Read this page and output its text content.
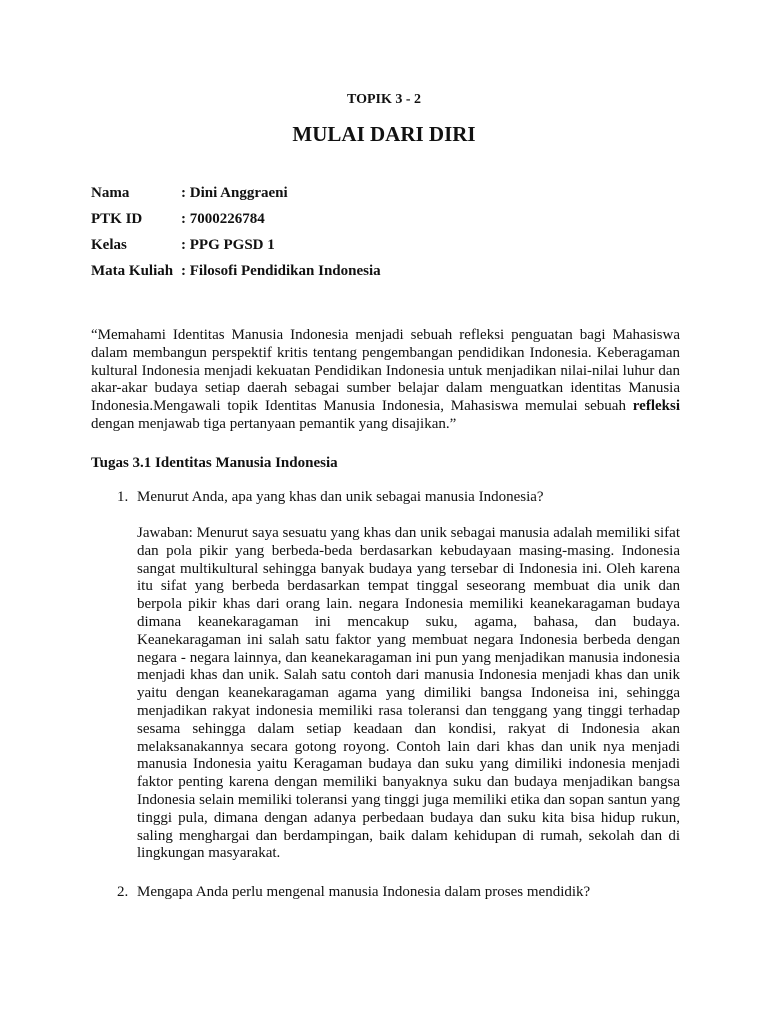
TOPIK 3 - 2
MULAI DARI DIRI
Nama	: Dini Anggraeni
PTK ID	: 7000226784
Kelas	: PPG PGSD 1
Mata Kuliah : Filosofi Pendidikan Indonesia

“Memahami Identitas Manusia Indonesia menjadi sebuah refleksi penguatan bagi Mahasiswa dalam membangun perspektif kritis tentang pengembangan pendidikan Indonesia. Keberagaman kultural Indonesia menjadi kekuatan Pendidikan Indonesia untuk menjadikan nilai-nilai luhur dan akar-akar budaya setiap daerah sebagai sumber belajar dalam menguatkan identitas Manusia Indonesia.Mengawali topik Identitas Manusia Indonesia, Mahasiswa memulai sebuah refleksi dengan menjawab tiga pertanyaan pemantik yang disajikan.”

Tugas 3.1 Identitas Manusia Indonesia
1. Menurut Anda, apa yang khas dan unik sebagai manusia Indonesia?

Jawaban: Menurut saya sesuatu yang khas dan unik sebagai manusia adalah memiliki sifat dan pola pikir yang berbeda-beda berdasarkan kebudayaan masing-masing. Indonesia sangat multikultural sehingga banyak budaya yang tersebar di Indonesia ini. Oleh karena itu sifat yang berbeda berdasarkan tempat tinggal seseorang membuat dia unik dan berpola pikir khas dari orang lain. negara Indonesia memiliki keanekaragaman budaya dimana keanekaragaman ini mencakup suku, agama, bahasa, dan budaya. Keanekaragaman ini salah satu faktor yang membuat negara Indonesia berbeda dengan negara - negara lainnya, dan keanekaragaman ini pun yang menjadikan manusia indonesia menjadi khas dan unik. Salah satu contoh dari manusia Indonesia menjadi khas dan unik yaitu dengan keanekaragaman agama yang dimiliki bangsa Indoneisa ini, sehingga menjadikan rakyat indonesia memiliki rasa toleransi dan tenggang yang tinggi terhadap sesama sehingga dalam setiap keadaan dan kondisi, rakyat di Indonesia akan melaksanakannya secara gotong royong. Contoh lain dari khas dan unik nya menjadi manusia Indonesia yaitu Keragaman budaya dan suku yang dimiliki indonesia menjadi faktor penting karena dengan memiliki banyaknya suku dan budaya menjadikan bangsa Indonesia selain memiliki toleransi yang tinggi juga memiliki etika dan sopan santun yang tinggi pula, dimana dengan adanya perbedaan budaya dan suku kita bisa hidup rukun, saling menghargai dan berdampingan, baik dalam kehidupan di rumah, sekolah dan di lingkungan masyarakat.

2. Mengapa Anda perlu mengenal manusia Indonesia dalam proses mendidik?
